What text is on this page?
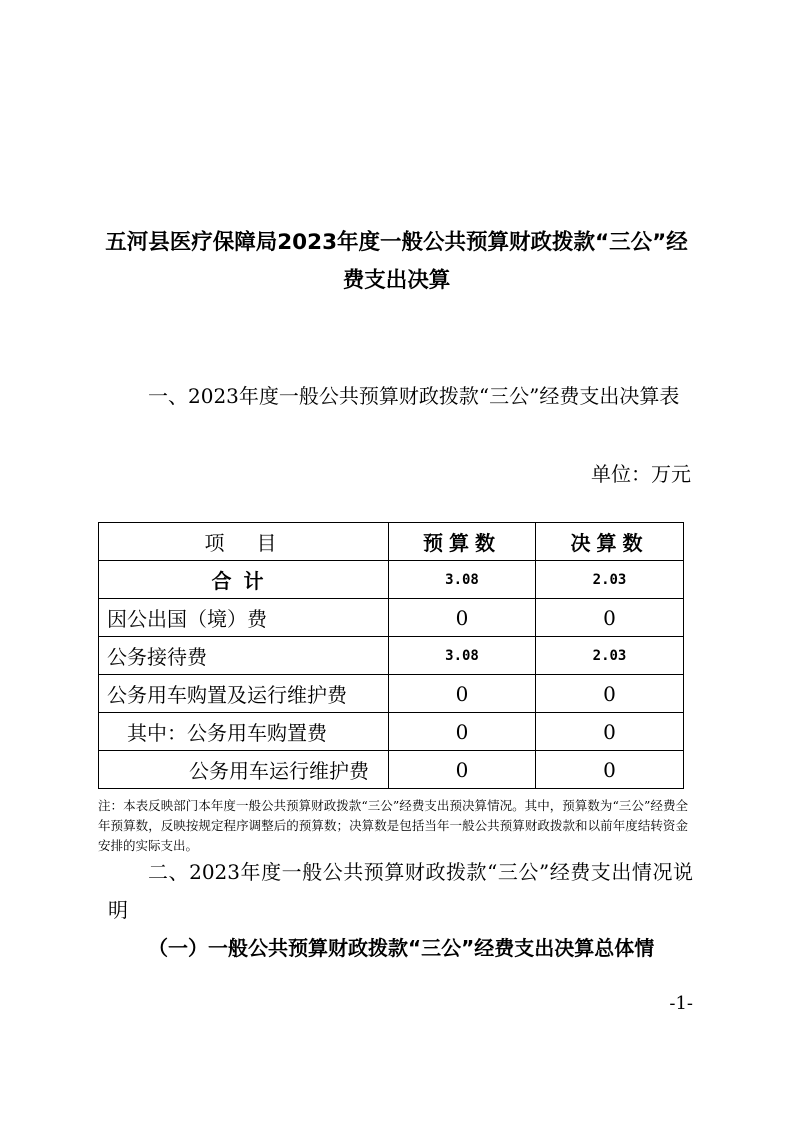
五河县医疗保障局2023年度一般公共预算财政拨款“三公”经费支出决算
一、2023年度一般公共预算财政拨款“三公”经费支出决算表
单位：万元
项　目	预算数	决算数
合计	3.08	2.03
因公出国（境）费	0	0
公务接待费	3.08	2.03
公务用车购置及运行维护费	0	0
其中：公务用车购置费	0	0
公务用车运行维护费	0	0
注：本表反映部门本年度一般公共预算财政拨款“三公”经费支出预决算情况。其中，预算数为“三公”经费全年预算数，反映按规定程序调整后的预算数；决算数是包括当年一般公共预算财政拨款和以前年度结转资金安排的实际支出。
二、2023年度一般公共预算财政拨款“三公”经费支出情况说明
（一）一般公共预算财政拨款“三公”经费支出决算总体情
-1-
